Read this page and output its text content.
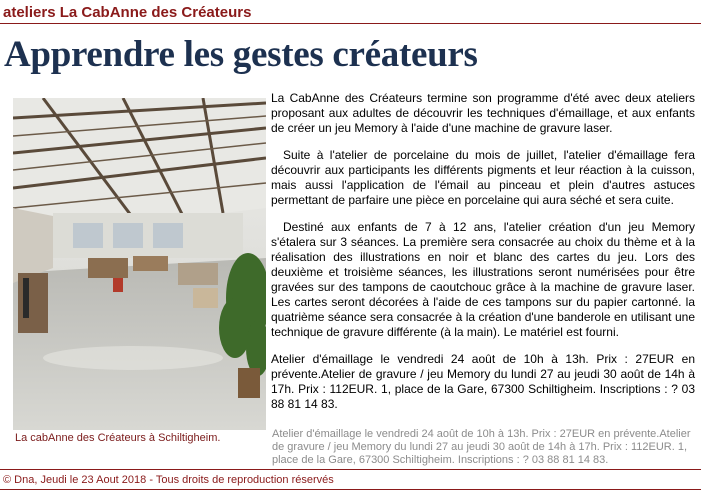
ateliers La CabAnne des Créateurs
Apprendre les gestes créateurs
La cabAnne des Créateurs à Schiltigheim.

La CabAnne des Créateurs termine son programme d'été avec deux ateliers proposant aux adultes de découvrir les techniques d'émaillage, et aux enfants de créer un jeu Memory à l'aide d'une machine de gravure laser.

Suite à l'atelier de porcelaine du mois de juillet, l'atelier d'émaillage fera découvrir aux participants les différents pigments et leur réaction à la cuisson, mais aussi l'application de l'émail au pinceau et plein d'autres astuces permettant de parfaire une pièce en porcelaine qui aura séché et sera cuite.

Destiné aux enfants de 7 à 12 ans, l'atelier création d'un jeu Memory s'étalera sur 3 séances. La première sera consacrée au choix du thème et à la réalisation des illustrations en noir et blanc des cartes du jeu. Lors des deuxième et troisième séances, les illustrations seront numérisées pour être gravées sur des tampons de caoutchouc grâce à la machine de gravure laser. Les cartes seront décorées à l'aide de ces tampons sur du papier cartonné. la quatrième séance sera consacrée à la création d'une banderole en utilisant une technique de gravure différente (à la main). Le matériel est fourni.

Atelier d'émaillage le vendredi 24 août de 10h à 13h. Prix : 27EUR en prévente.Atelier de gravure / jeu Memory du lundi 27 au jeudi 30 août de 14h à 17h. Prix : 112EUR. 1, place de la Gare, 67300 Schiltigheim. Inscriptions : ? 03 88 81 14 83.

Atelier d'émaillage le vendredi 24 août de 10h à 13h. Prix : 27EUR en prévente.Atelier de gravure / jeu Memory du lundi 27 au jeudi 30 août de 14h à 17h. Prix : 112EUR. 1, place de la Gare, 67300 Schiltigheim. Inscriptions : ? 03 88 81 14 83.
© Dna, Jeudi le 23 Aout 2018 - Tous droits de reproduction réservés
